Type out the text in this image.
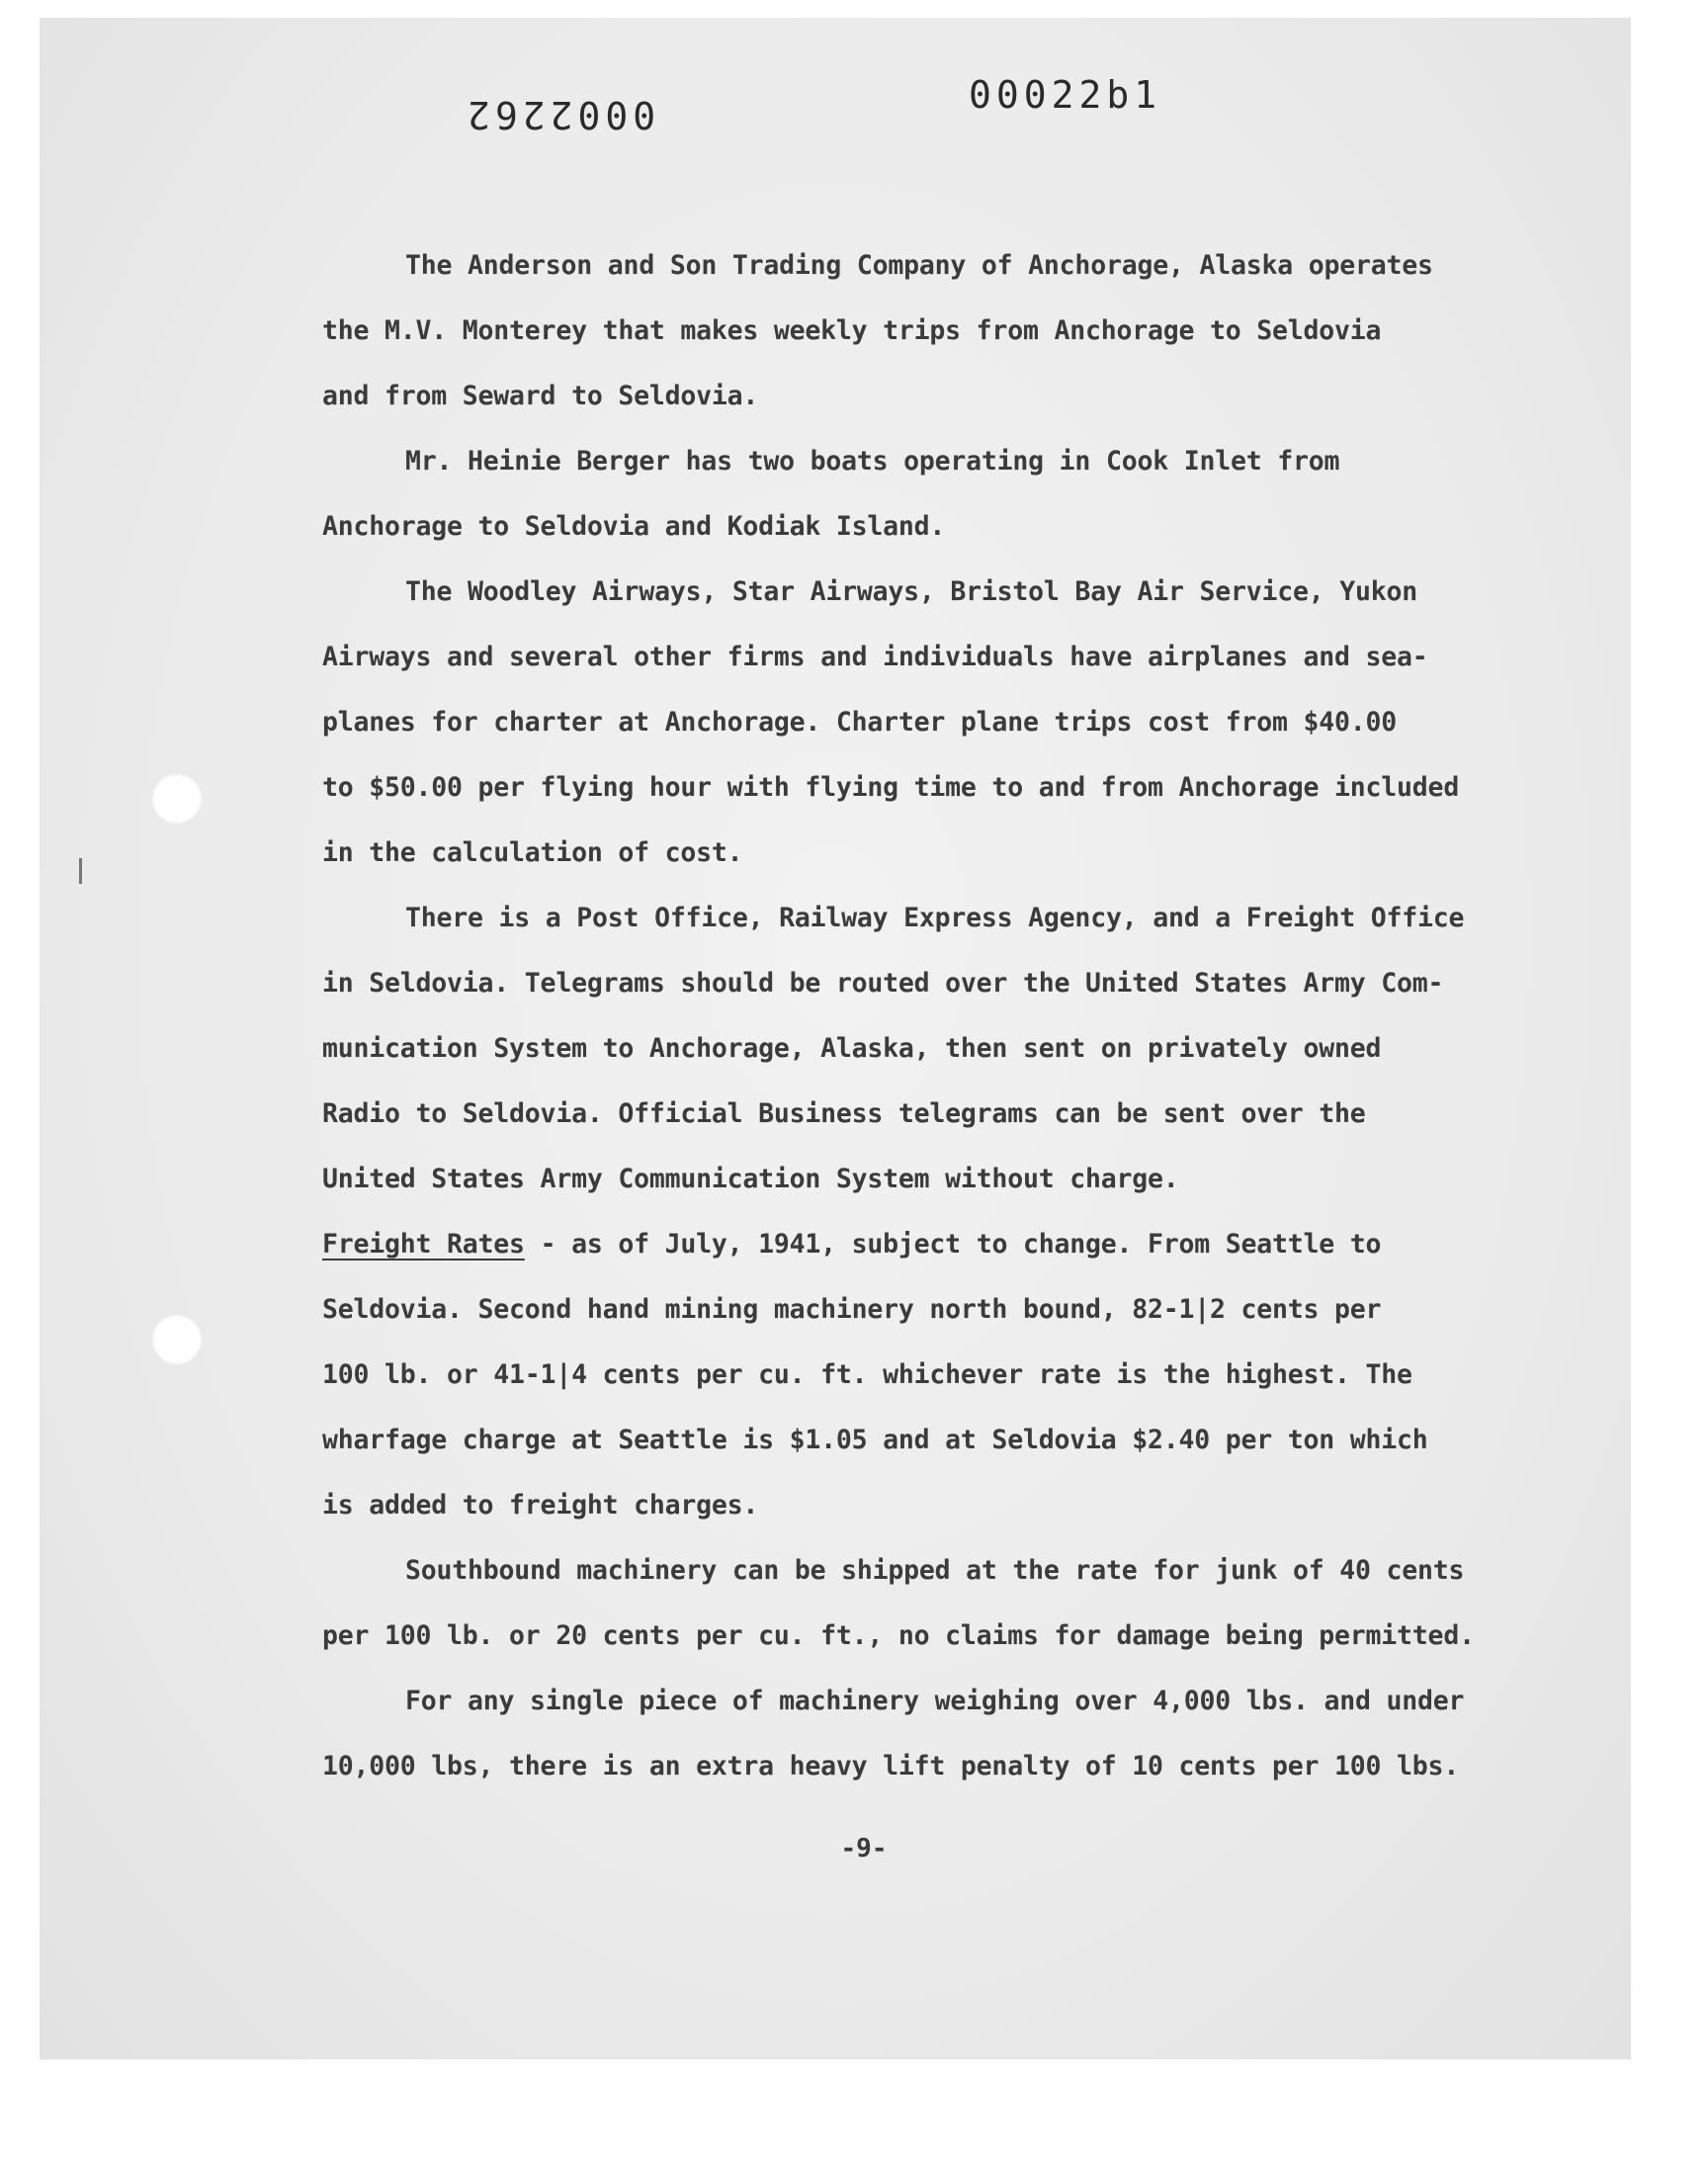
0002262	00022b1
The Anderson and Son Trading Company of Anchorage, Alaska operates
the M.V. Monterey that makes weekly trips from Anchorage to Seldovia
and from Seward to Seldovia.
Mr. Heinie Berger has two boats operating in Cook Inlet from
Anchorage to Seldovia and Kodiak Island.
The Woodley Airways, Star Airways, Bristol Bay Air Service, Yukon
Airways and several other firms and individuals have airplanes and sea-
planes for charter at Anchorage. Charter plane trips cost from $40.00
to $50.00 per flying hour with flying time to and from Anchorage included
in the calculation of cost.
There is a Post Office, Railway Express Agency, and a Freight Office
in Seldovia. Telegrams should be routed over the United States Army Com-
munication System to Anchorage, Alaska, then sent on privately owned
Radio to Seldovia. Official Business telegrams can be sent over the
United States Army Communication System without charge.
Freight Rates - as of July, 1941, subject to change. From Seattle to
Seldovia. Second hand mining machinery north bound, 82-1|2 cents per
100 lb. or 41-1|4 cents per cu. ft. whichever rate is the highest. The
wharfage charge at Seattle is $1.05 and at Seldovia $2.40 per ton which
is added to freight charges.
Southbound machinery can be shipped at the rate for junk of 40 cents
per 100 lb. or 20 cents per cu. ft., no claims for damage being permitted.
For any single piece of machinery weighing over 4,000 lbs. and under
10,000 lbs, there is an extra heavy lift penalty of 10 cents per 100 lbs.
-9-
